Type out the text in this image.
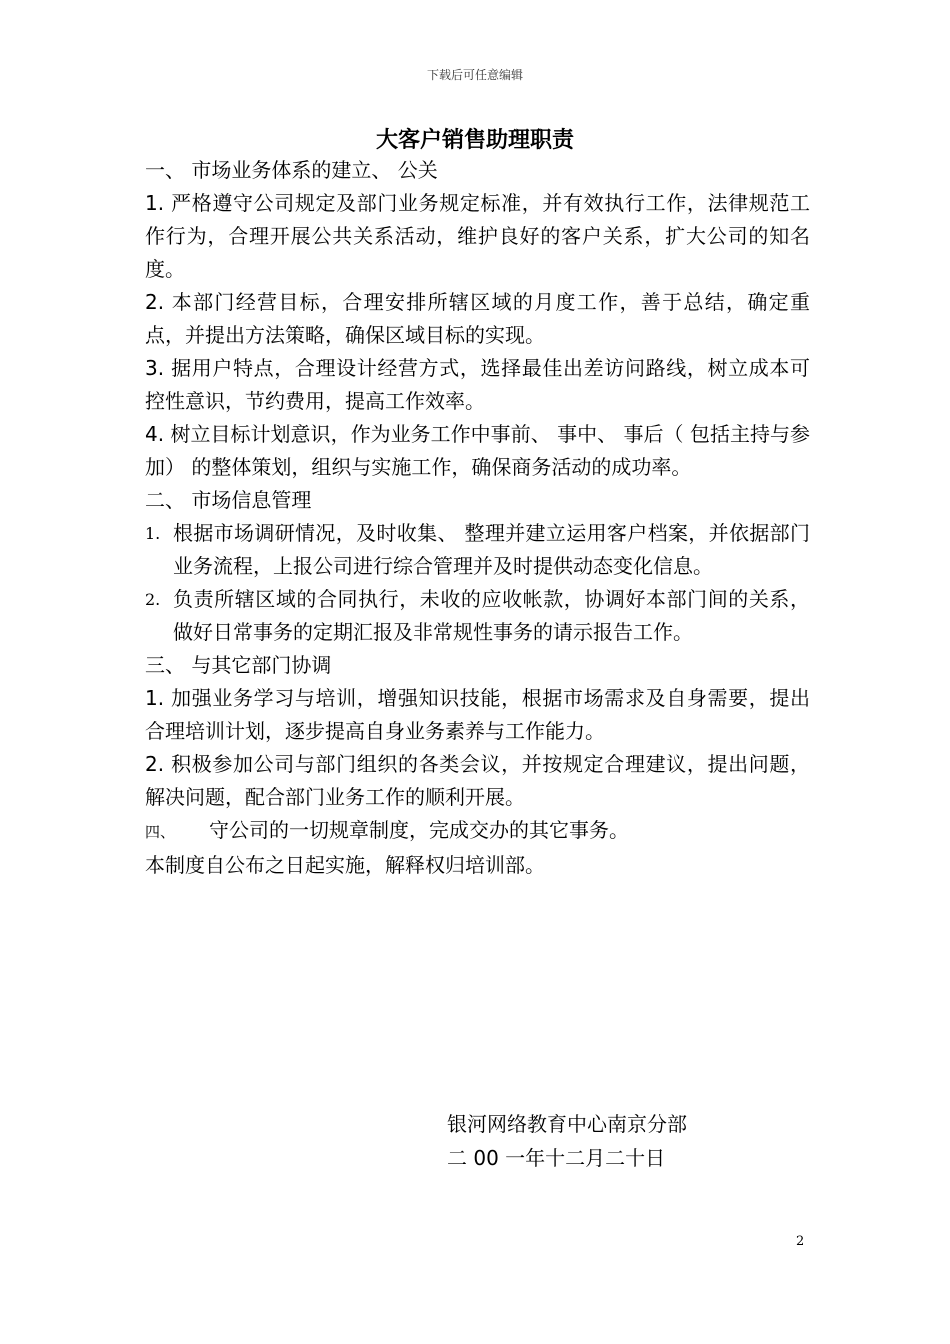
下载后可任意编辑
大客户销售助理职责
一、 市场业务体系的建立、 公关
1. 严格遵守公司规定及部门业务规定标准，并有效执行工作，法律规范工作行为，合理开展公共关系活动，维护良好的客户关系，扩大公司的知名度。
2. 本部门经营目标，合理安排所辖区域的月度工作，善于总结，确定重点，并提出方法策略，确保区域目标的实现。
3. 据用户特点，合理设计经营方式，选择最佳出差访问路线，树立成本可控性意识，节约费用，提高工作效率。
4. 树立目标计划意识，作为业务工作中事前、 事中、 事后（ 包括主持与参加） 的整体策划，组织与实施工作，确保商务活动的成功率。
二、 市场信息管理
1. 根据市场调研情况，及时收集、 整理并建立运用客户档案，并依据部门业务流程，上报公司进行综合管理并及时提供动态变化信息。
2. 负责所辖区域的合同执行，未收的应收帐款，协调好本部门间的关系，做好日常事务的定期汇报及非常规性事务的请示报告工作。
三、 与其它部门协调
1. 加强业务学习与培训，增强知识技能，根据市场需求及自身需要，提出合理培训计划，逐步提高自身业务素养与工作能力。
2. 积极参加公司与部门组织的各类会议，并按规定合理建议，提出问题，解决问题，配合部门业务工作的顺利开展。
四、 守公司的一切规章制度，完成交办的其它事务。
本制度自公布之日起实施，解释权归培训部。
银河网络教育中心南京分部
二 00 一年十二月二十日
2
